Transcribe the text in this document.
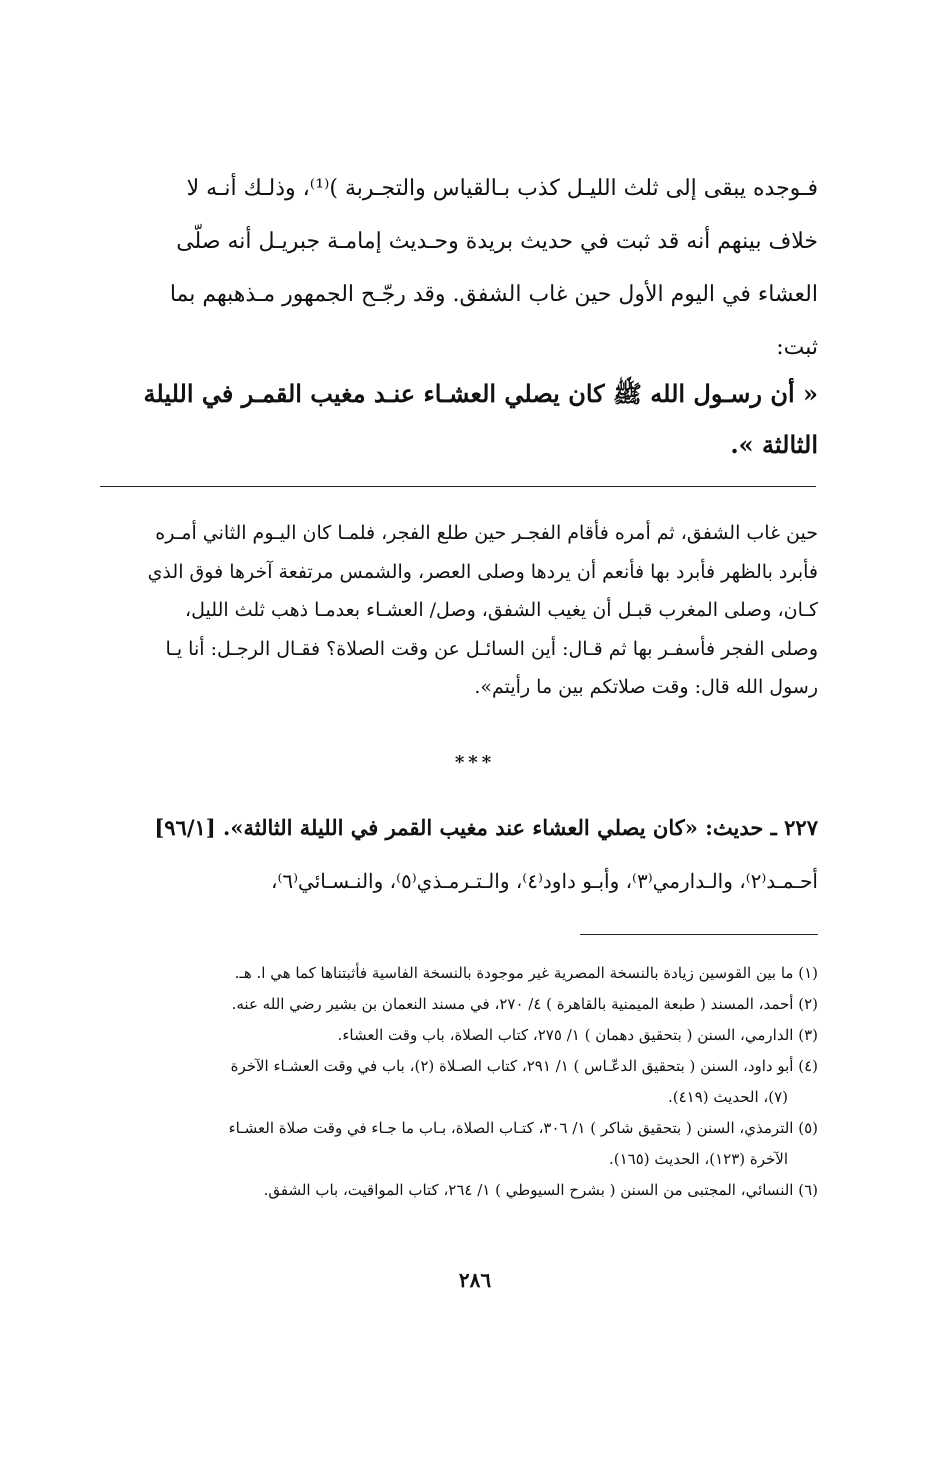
فـوجده يبقى إلى ثلث الليـل كذب بـالقياس والتجـربة )⁽¹⁾، وذلـك أنـه لا
خلاف بينهم أنه قد ثبت في حديث بريدة وحـديث إمامـة جبريـل أنه صلّى
العشاء في اليوم الأول حين غاب الشفق. وقد رجّـح الجمهور مـذهبهم بما
ثبت:
« أن رسـول الله ﷺ كان يصلي العشـاء عنـد مغيب القمـر في الليلة
الثالثة ».
حين غاب الشفق، ثم أمره فأقام الفجـر حين طلع الفجر، فلمـا كان اليـوم الثاني أمـره
فأبرد بالظهر فأبرد بها فأنعم أن يردها وصلى العصر، والشمس مرتفعة آخرها فوق الذي
كـان، وصلى المغرب قبـل أن يغيب الشفق، وصل/ العشـاء بعدمـا ذهب ثلث الليل،
وصلى الفجر فأسفـر بها ثم قـال: أين السائـل عن وقت الصلاة؟ فقـال الرجـل: أنا يـا
رسول الله قال: وقت صلاتكم بين ما رأيتم».
***
٢٢٧ ـ حديث: «كان يصلي العشاء عند مغيب القمر في الليلة الثالثة». [٩٦/١]
أحـمـد⁽٢⁾، والـدارمي⁽٣⁾، وأبـو داود⁽٤⁾، والـتـرمـذي⁽٥⁾، والنـسـائي⁽٦⁾،
(١) ما بين القوسين زيادة بالنسخة المصرية غير موجودة بالنسخة الفاسية فأثبتناها كما هي ا. هـ.
(٢) أحمد، المسند ( طبعة الميمنية بالقاهرة ) ٤/ ٢٧٠، في مسند النعمان بن بشير رضي الله عنه.
(٣) الدارمي، السنن ( بتحقيق دهمان ) ١/ ٢٧٥، كتاب الصلاة، باب وقت العشاء.
(٤) أبو داود، السنن ( بتحقيق الدعّـاس ) ١/ ٢٩١، كتاب الصـلاة (٢)، باب في وقت العشـاء الآخرة
(٧)، الحديث (٤١٩).
(٥) الترمذي، السنن ( بتحقيق شاكر ) ١/ ٣٠٦، كتـاب الصلاة، بـاب ما جـاء في وقت صلاة العشـاء
الآخرة (١٢٣)، الحديث (١٦٥).
(٦) النسائي، المجتبى من السنن ( بشرح السيوطي ) ١/ ٢٦٤، كتاب المواقيت، باب الشفق.
٢٨٦
